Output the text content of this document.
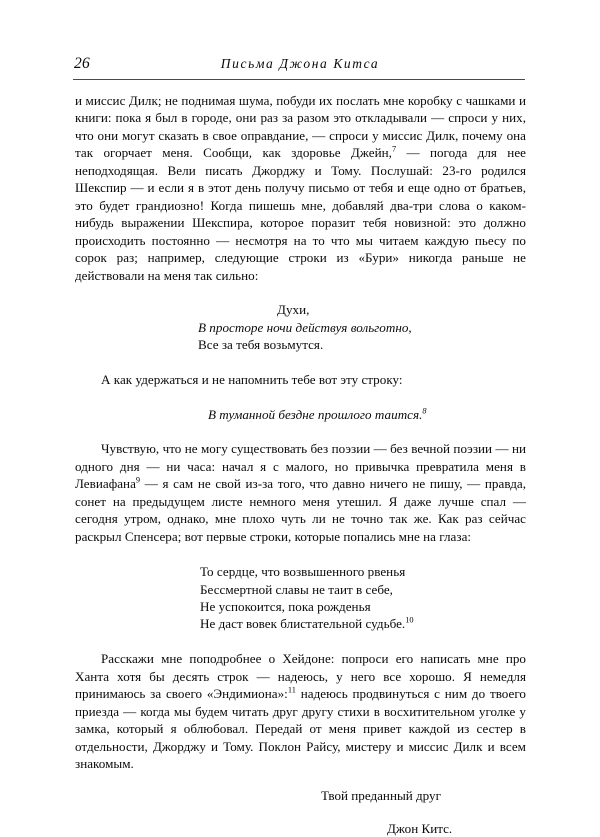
26	Письма Джона Китса

и миссис Дилк; не поднимая шума, побуди их послать мне коробку с чашками и книги: пока я был в городе, они раз за разом это откладывали — спроси у них, что они могут сказать в свое оправдание, — спроси у миссис Дилк, почему она так огорчает меня. Сообщи, как здоровье Джейн,$^7$ — погода для нее неподходящая. Вели писать Джорджу и Тому. Послушай: 23-го родился Шекспир — и если я в этот день получу письмо от тебя и еще одно от братьев, это будет грандиозно! Когда пишешь мне, добавляй два-три слова о каком-нибудь выражении Шекспира, которое поразит тебя новизной: это должно происходить постоянно — несмотря на то что мы читаем каждую пьесу по сорок раз; например, следующие строки из «Бури» никогда раньше не действовали на меня так сильно:

Духи,
В просторе ночи действуя вольготно,
Все за тебя возьмутся.

А как удержаться и не напомнить тебе вот эту строку:

В туманной бездне прошлого таится.$^8$

Чувствую, что не могу существовать без поэзии — без вечной поэзии — ни одного дня — ни часа: начал я с малого, но привычка превратила меня в Левиафана$^9$ — я сам не свой из-за того, что давно ничего не пишу, — правда, сонет на предыдущем листе немного меня утешил. Я даже лучше спал — сегодня утром, однако, мне плохо чуть ли не точно так же. Как раз сейчас раскрыл Спенсера; вот первые строки, которые попались мне на глаза:

То сердце, что возвышенного рвенья
Бессмертной славы не таит в себе,
Не успокоится, пока рожденья
Не даст вовек блистательной судьбе.$^{10}$

Расскажи мне поподробнее о Хейдоне: попроси его написать мне про Ханта хотя бы десять строк — надеюсь, у него все хорошо. Я немедля принимаюсь за своего «Эндимиона»:$^{11}$ надеюсь продвинуться с ним до твоего приезда — когда мы будем читать друг другу стихи в восхитительном уголке у замка, который я облюбовал. Передай от меня привет каждой из сестер в отдельности, Джорджу и Тому. Поклон Райсу, мистеру и миссис Дилк и всем знакомым.

Твой преданный друг
Джон Китс.
